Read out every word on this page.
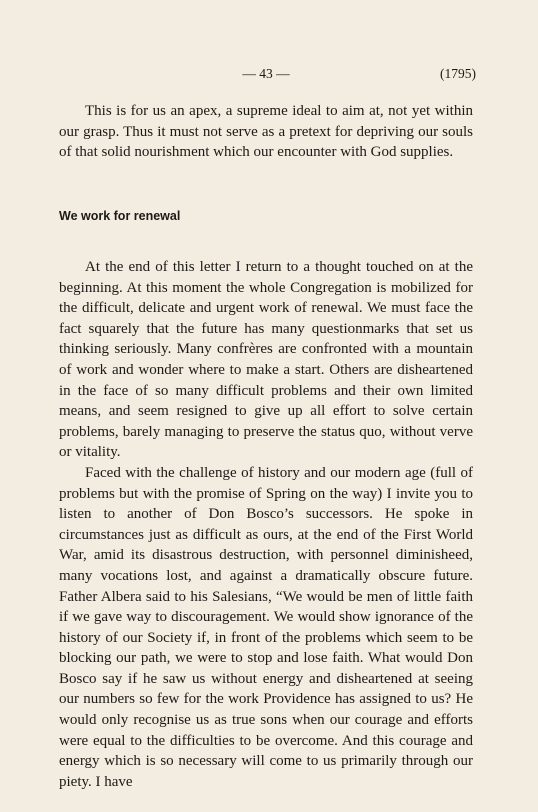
— 43 —	(1795)

This is for us an apex, a supreme ideal to aim at, not yet within our grasp. Thus it must not serve as a pretext for depriving our souls of that solid nourishment which our encounter with God supplies.

We work for renewal

At the end of this letter I return to a thought touched on at the beginning. At this moment the whole Congregation is mobilized for the difficult, delicate and urgent work of renewal. We must face the fact squarely that the future has many questionmarks that set us thinking seriously. Many confrères are confronted with a mountain of work and wonder where to make a start. Others are disheartened in the face of so many difficult problems and their own limited means, and seem resigned to give up all effort to solve certain problems, barely managing to preserve the status quo, without verve or vitality.

Faced with the challenge of history and our modern age (full of problems but with the promise of Spring on the way) I invite you to listen to another of Don Bosco’s successors. He spoke in circumstances just as difficult as ours, at the end of the First World War, amid its disastrous destruction, with personnel diminisheed, many vocations lost, and against a dramatically obscure future. Father Albera said to his Salesians, “We would be men of little faith if we gave way to discouragement. We would show ignorance of the history of our Society if, in front of the problems which seem to be blocking our path, we were to stop and lose faith. What would Don Bosco say if he saw us without energy and disheartened at seeing our numbers so few for the work Providence has assigned to us? He would only recognise us as true sons when our courage and efforts were equal to the difficulties to be overcome. And this courage and energy which is so necessary will come to us primarily through our piety. I have
